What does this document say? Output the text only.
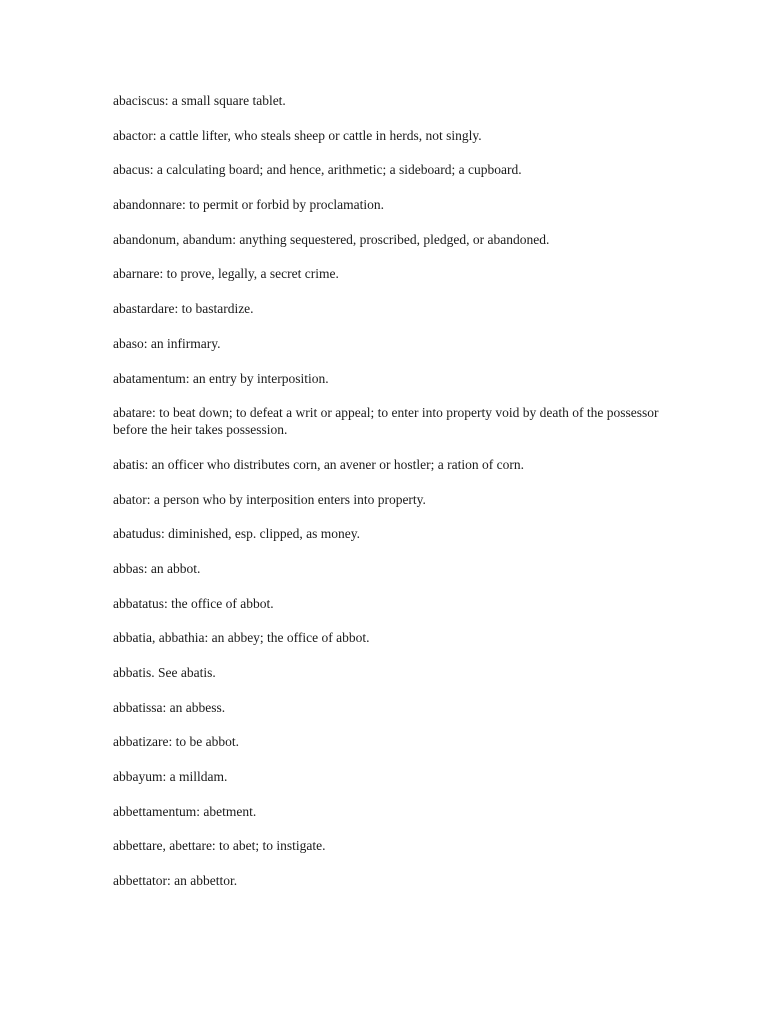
abaciscus: a small square tablet.
abactor: a cattle lifter, who steals sheep or cattle in herds, not singly.
abacus: a calculating board; and hence, arithmetic; a sideboard; a cupboard.
abandonnare: to permit or forbid by proclamation.
abandonum, abandum: anything sequestered, proscribed, pledged, or abandoned.
abarnare: to prove, legally, a secret crime.
abastardare: to bastardize.
abaso: an infirmary.
abatamentum: an entry by interposition.
abatare: to beat down; to defeat a writ or appeal; to enter into property void by death of the possessor before the heir takes possession.
abatis: an officer who distributes corn, an avener or hostler; a ration of corn.
abator: a person who by interposition enters into property.
abatudus: diminished, esp. clipped, as money.
abbas: an abbot.
abbatatus: the office of abbot.
abbatia, abbathia: an abbey; the office of abbot.
abbatis. See abatis.
abbatissa: an abbess.
abbatizare: to be abbot.
abbayum: a milldam.
abbettamentum: abetment.
abbettare, abettare: to abet; to instigate.
abbettator: an abbettor.
